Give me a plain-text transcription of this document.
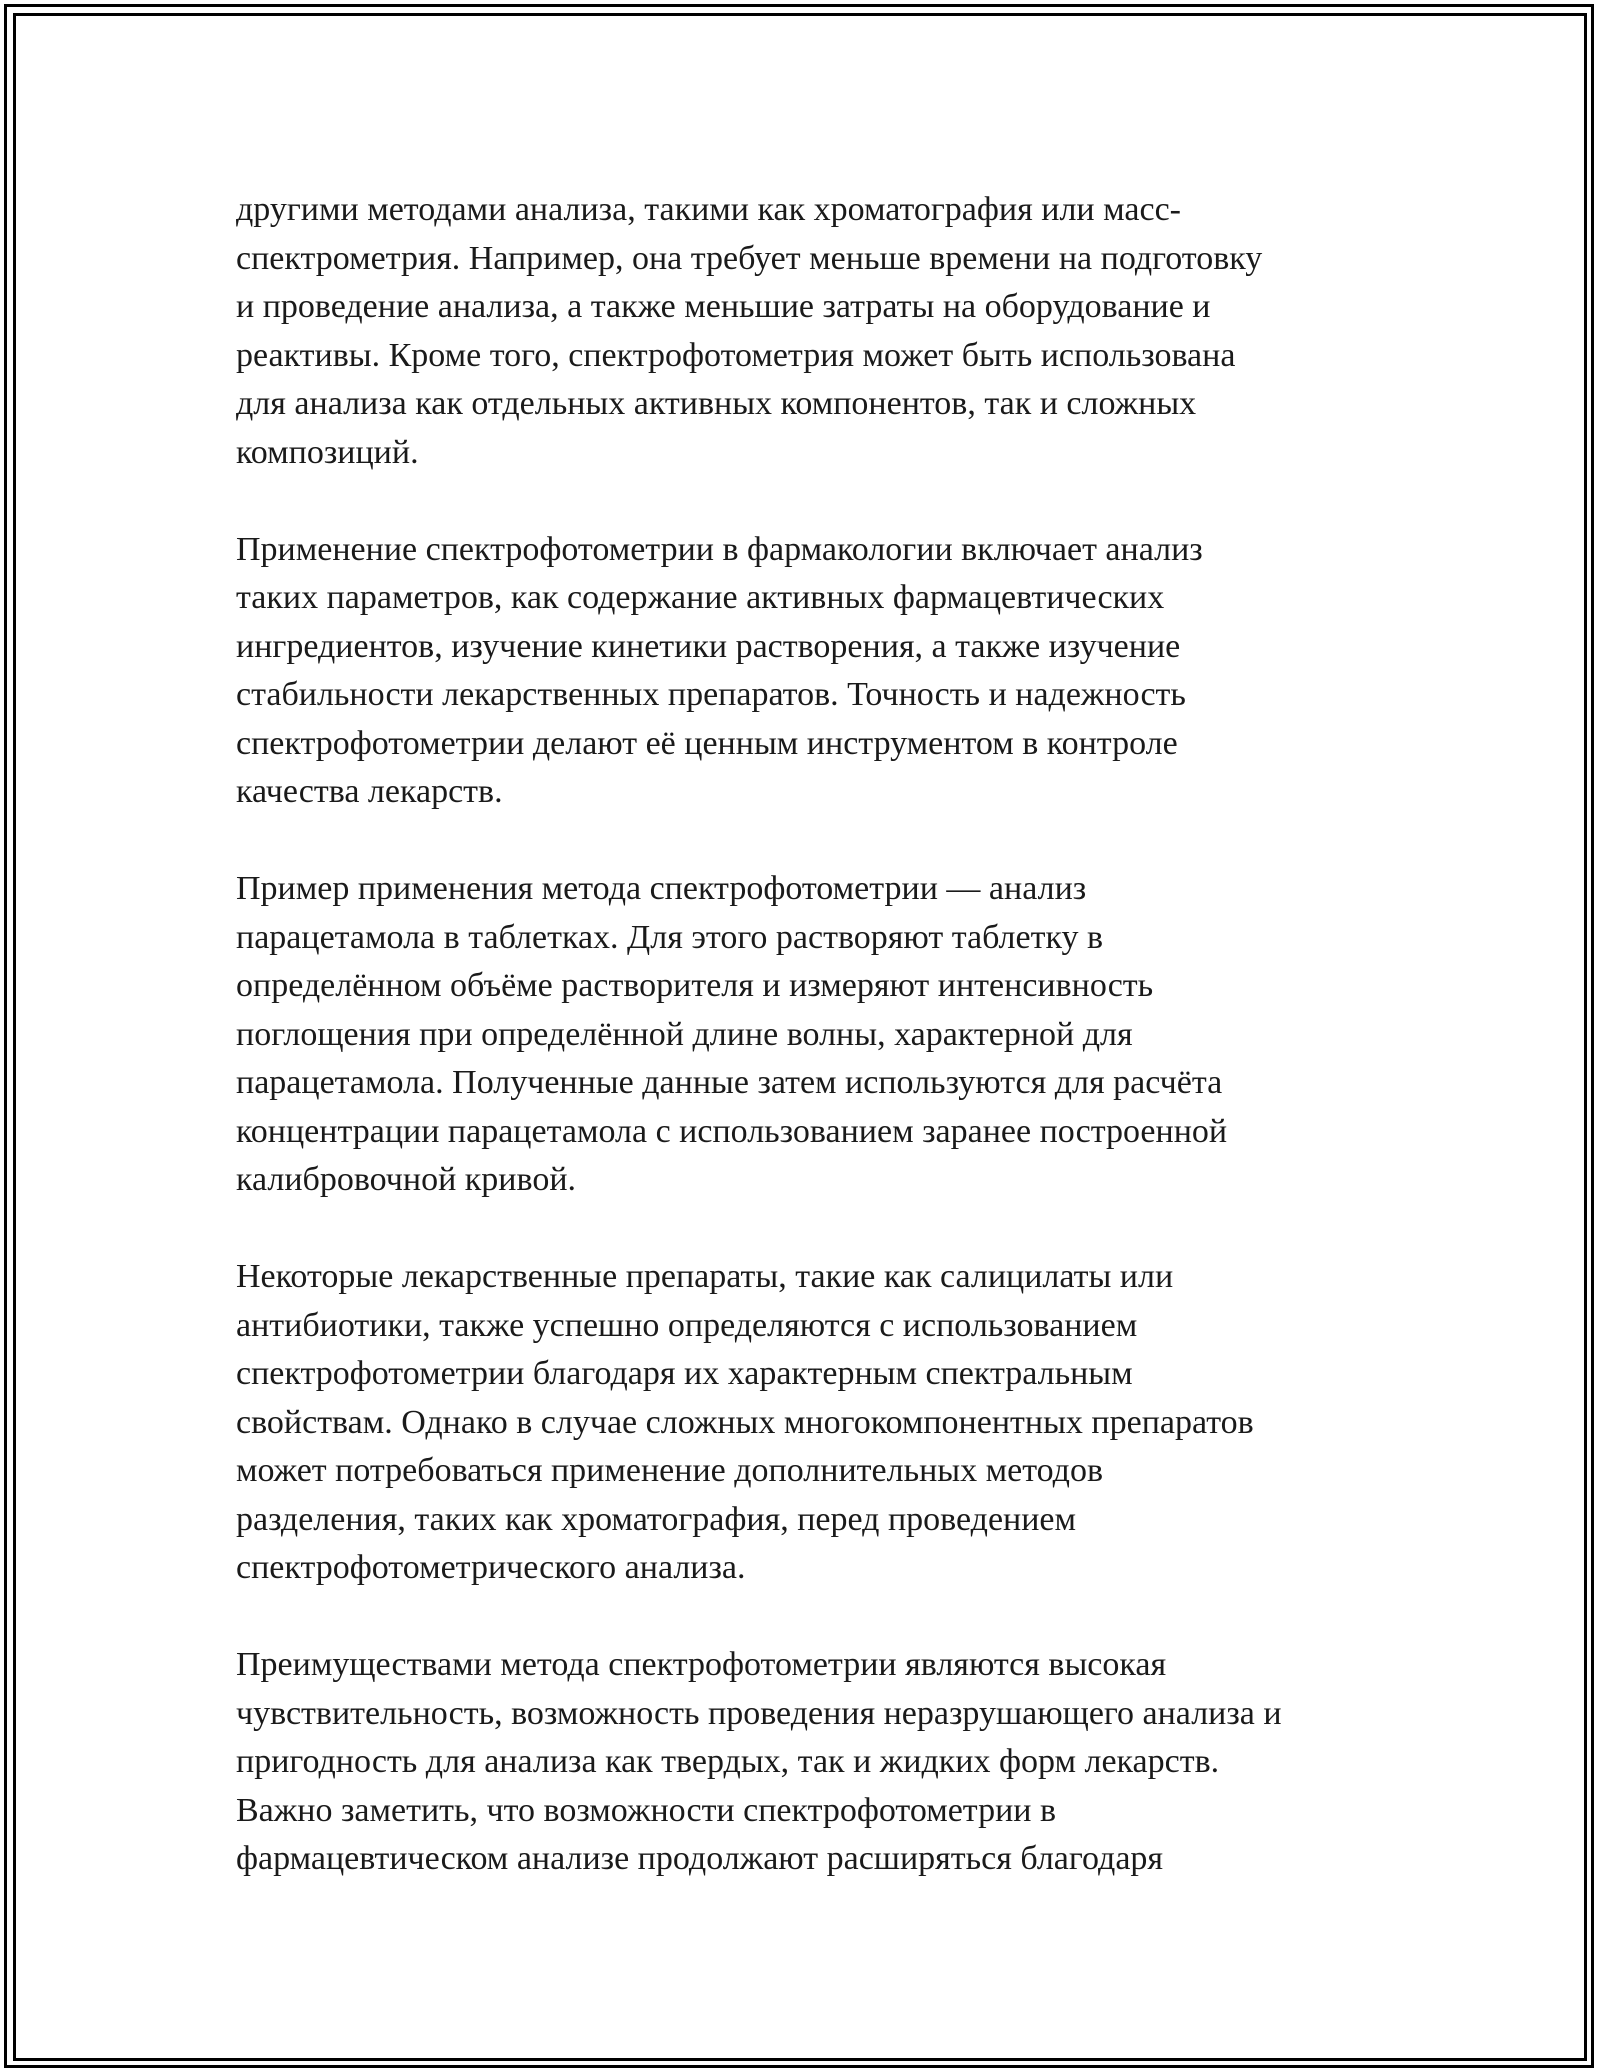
другими методами анализа, такими как хроматография или масс-
спектрометрия. Например, она требует меньше времени на подготовку
и проведение анализа, а также меньшие затраты на оборудование и
реактивы. Кроме того, спектрофотометрия может быть использована
для анализа как отдельных активных компонентов, так и сложных
композиций.

Применение спектрофотометрии в фармакологии включает анализ
таких параметров, как содержание активных фармацевтических
ингредиентов, изучение кинетики растворения, а также изучение
стабильности лекарственных препаратов. Точность и надежность
спектрофотометрии делают её ценным инструментом в контроле
качества лекарств.

Пример применения метода спектрофотометрии — анализ
парацетамола в таблетках. Для этого растворяют таблетку в
определённом объёме растворителя и измеряют интенсивность
поглощения при определённой длине волны, характерной для
парацетамола. Полученные данные затем используются для расчёта
концентрации парацетамола с использованием заранее построенной
калибровочной кривой.

Некоторые лекарственные препараты, такие как салицилаты или
антибиотики, также успешно определяются с использованием
спектрофотометрии благодаря их характерным спектральным
свойствам. Однако в случае сложных многокомпонентных препаратов
может потребоваться применение дополнительных методов
разделения, таких как хроматография, перед проведением
спектрофотометрического анализа.

Преимуществами метода спектрофотометрии являются высокая
чувствительность, возможность проведения неразрушающего анализа и
пригодность для анализа как твердых, так и жидких форм лекарств.
Важно заметить, что возможности спектрофотометрии в
фармацевтическом анализе продолжают расширяться благодаря
